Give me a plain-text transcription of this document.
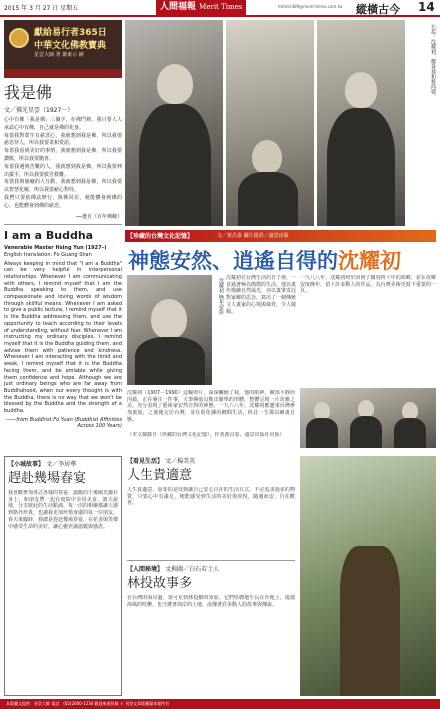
2015 年 3 月 27 日 星期五	人間福報 Merit Times	mtmerit89@merit-times.com.tw 縱橫古今 14
獻給易行者365日
中華文化佛教寶典
星雲大師 著 蕭東示 繪
我是佛
文／佛光星雲（1927－）

心中有佛「我是佛」三個字，在佛門裡，我只要人人承認心中有佛，自己就是佛的化身。

每當我對眾生有慈悲心，我就想到我是佛，所以我要慈悲待人，所以我要柔和愛語。

每當我看到美好的事情，我就想到我是佛，所以我要讚歎，所以我要隨喜。

每當我遇到苦難的人，我就想到我是佛，所以我要伸出援手，所以我要救苦救難。

每當我與愚癡的人互動，我就想到我是佛，所以我要以智慧化解，所以我要耐心對待。

我們只要依佛法修行，與佛同在，就能體會到佛的心，也能體會到佛的慈悲。

──選自《百年佛緣》
I am a Buddha
Venerable Master Hsing Yun (1927–)
English translation: Fo Guang Shan
Always keeping in mind that "I am a Buddha" can be very helpful in interpersonal relationships. Whenever I am communicating with others, I remind myself that I am the Buddha speaking to them, and use compassionate and loving words of wisdom through skillful means. Whenever I am asked to give a public lecture, I remind myself that it is the Buddha addressing them, and use the opportunity to teach according to their levels of understanding, without fear. Whenever I am instructing my ordinary disciples, I remind myself that it is the Buddha guiding them, and advise them with patience and kindness. Whenever I am interacting with the timid and weak, I remind myself that it is the Buddha facing them, and be amiable while giving them confidence and hope. Although we are just ordinary beings who are far away from Buddhahood, when our every thought is with the Buddha, there is no way that we won't be blessed by the Buddha and the strength of a buddha.
——from Buddhist Fo Yuan (Buddhist Affinities Across 100 Years)
左起：沈耀初、鄭善禧和蔡尚德。
【珍藏的台灣文化記憶】	文／黃昌泰 圖片提供／遠景出版
神態安然、逍遙自得的沈耀初
沈耀初 晚年留影 沈耀初在台灣生活的日子裡，一直過著極為簡樸的生活。他以畫作描繪自然風光，亦以畫筆寄託對家鄉的思念，寫出了一個傳統文人畫家的心境與風骨，令人敬佩。
一九八八年，沈耀初終於回到了闊別四十年的故鄉，並在故鄉安度晚年，留下許多動人的作品，為台灣美術史寫下重要的一頁。
沈耀初（1907－1990）這輪照片，深深觸動了我，他的眼神、臉部平靜而內斂，正在專注一件事，大筆揮毫勾勒出簡單的形體，整體呈現一片淡雅之美，充分表現了藝術家安然自得的神態。一九六八年，沈耀初應邀來台灣參加畫展，之後便定居台灣，並在彰化縣的鄉間生活，終其一生都以繪畫自娛。
（本文摘錄自《珍藏的台灣文化記憶》，作者黃昌泰，遠景出版社出版）
【小城故事】 文／李居華
趕赴幾場春宴
我喜歡參加各式各樣的春宴，溫暖的午後陽光灑在身上，和朋友們一起在庭院中享用美食、談天說地，分享彼此的生活點滴。每一次的相聚都讓人感到格外珍貴，也讓我更加珍惜身邊的每一位朋友。春天來臨時，我總是趕赴幾場春宴，在花香與笑聲中感受生命的美好，讓心靈充滿溫暖與感恩。
【看見生活】 文／楊美英
人生貴適意
人生貴適意，重要的是找到讓自己安心自在的生活方式。不必追求過多的物質，只要心中有滿足，便能感受到生活的美好與喜悅，隨遇而安，自在歡喜。
【人間秘境】 文與圖／白石若士人
林投故事多
在台灣的海岸邊，常可見到林投樹的身影，它們堅韌地生長在沙地上，抵擋海風的吹襲，也守護著海岸的土地，流傳著許多動人的故事與傳說。
本版圖文提供：星雲大師 電話：(02)2000-1234 歡迎來函投稿 ＊ 刊登文章版權歸本報所有
